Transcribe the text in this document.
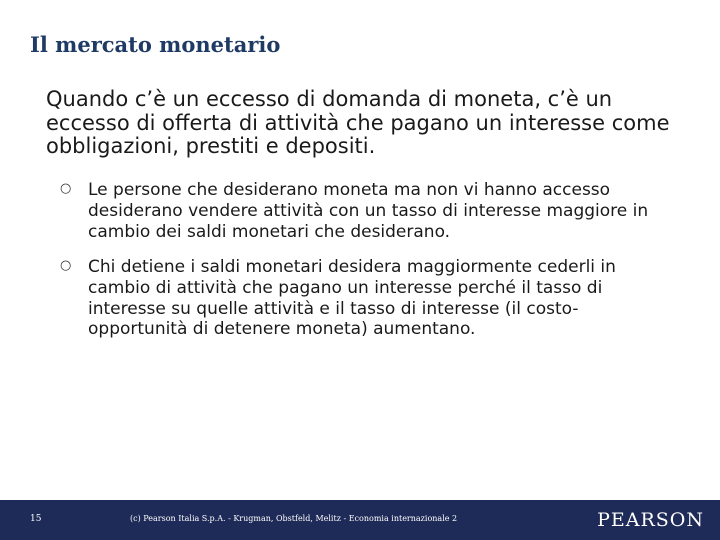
Il mercato monetario
Quando c’è un eccesso di domanda di moneta, c’è un eccesso di offerta di attività che pagano un interesse come obbligazioni, prestiti e depositi.
○ Le persone che desiderano moneta ma non vi hanno accesso desiderano vendere attività con un tasso di interesse maggiore in cambio dei saldi monetari che desiderano.
○ Chi detiene i saldi monetari desidera maggiormente cederli in cambio di attività che pagano un interesse perché il tasso di interesse su quelle attività e il tasso di interesse (il costo-opportunità di detenere moneta) aumentano.
15	(c) Pearson Italia S.p.A. - Krugman, Obstfeld, Melitz - Economia internazionale 2	PEARSON
